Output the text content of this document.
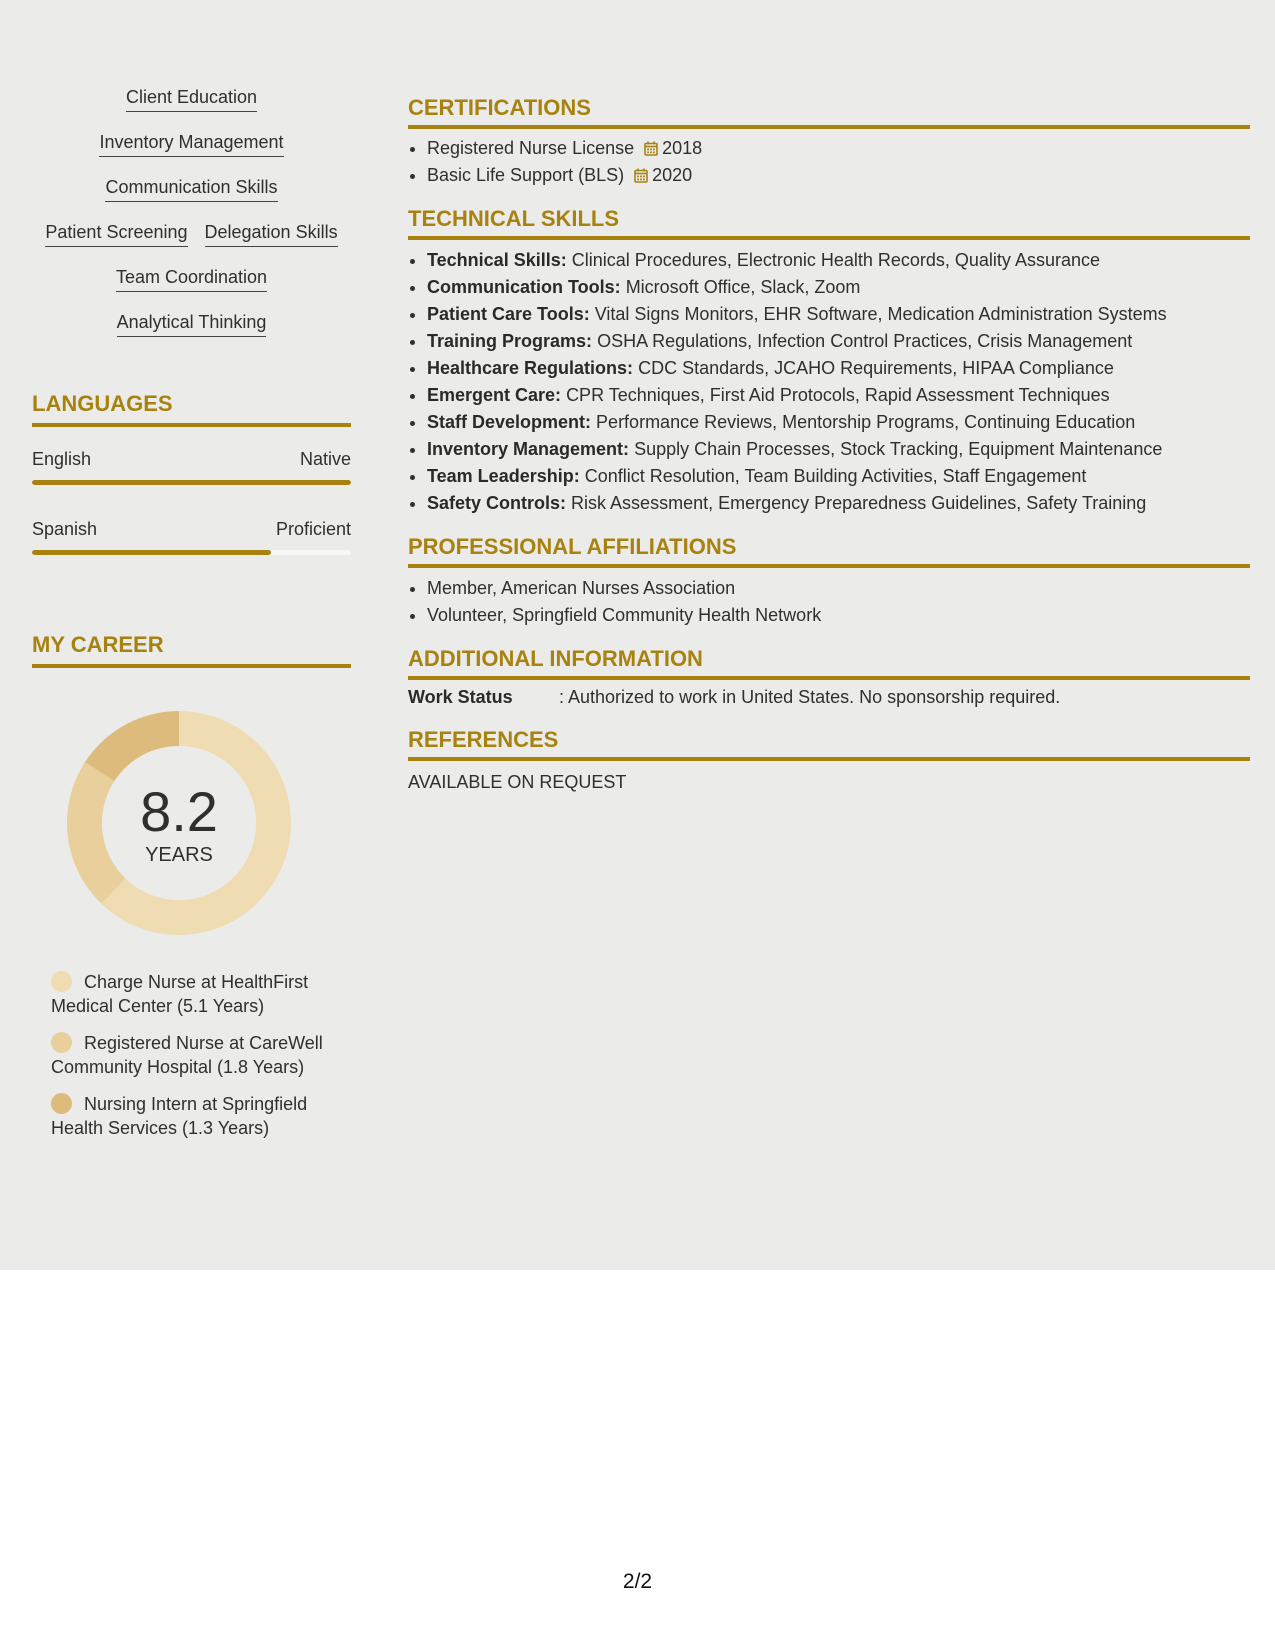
Client Education
Inventory Management
Communication Skills
Patient Screening Delegation Skills
Team Coordination
Analytical Thinking
LANGUAGES
English	Native
Spanish	Proficient
MY CAREER
8.2
YEARS
Charge Nurse at HealthFirst Medical Center (5.1 Years)
Registered Nurse at CareWell Community Hospital (1.8 Years)
Nursing Intern at Springfield Health Services (1.3 Years)
CERTIFICATIONS
• Registered Nurse License 2018
• Basic Life Support (BLS) 2020
TECHNICAL SKILLS
• Technical Skills: Clinical Procedures, Electronic Health Records, Quality Assurance
• Communication Tools: Microsoft Office, Slack, Zoom
• Patient Care Tools: Vital Signs Monitors, EHR Software, Medication Administration Systems
• Training Programs: OSHA Regulations, Infection Control Practices, Crisis Management
• Healthcare Regulations: CDC Standards, JCAHO Requirements, HIPAA Compliance
• Emergent Care: CPR Techniques, First Aid Protocols, Rapid Assessment Techniques
• Staff Development: Performance Reviews, Mentorship Programs, Continuing Education
• Inventory Management: Supply Chain Processes, Stock Tracking, Equipment Maintenance
• Team Leadership: Conflict Resolution, Team Building Activities, Staff Engagement
• Safety Controls: Risk Assessment, Emergency Preparedness Guidelines, Safety Training
PROFESSIONAL AFFILIATIONS
• Member, American Nurses Association
• Volunteer, Springfield Community Health Network
ADDITIONAL INFORMATION
Work Status	: Authorized to work in United States. No sponsorship required.
REFERENCES
AVAILABLE ON REQUEST
2/2
